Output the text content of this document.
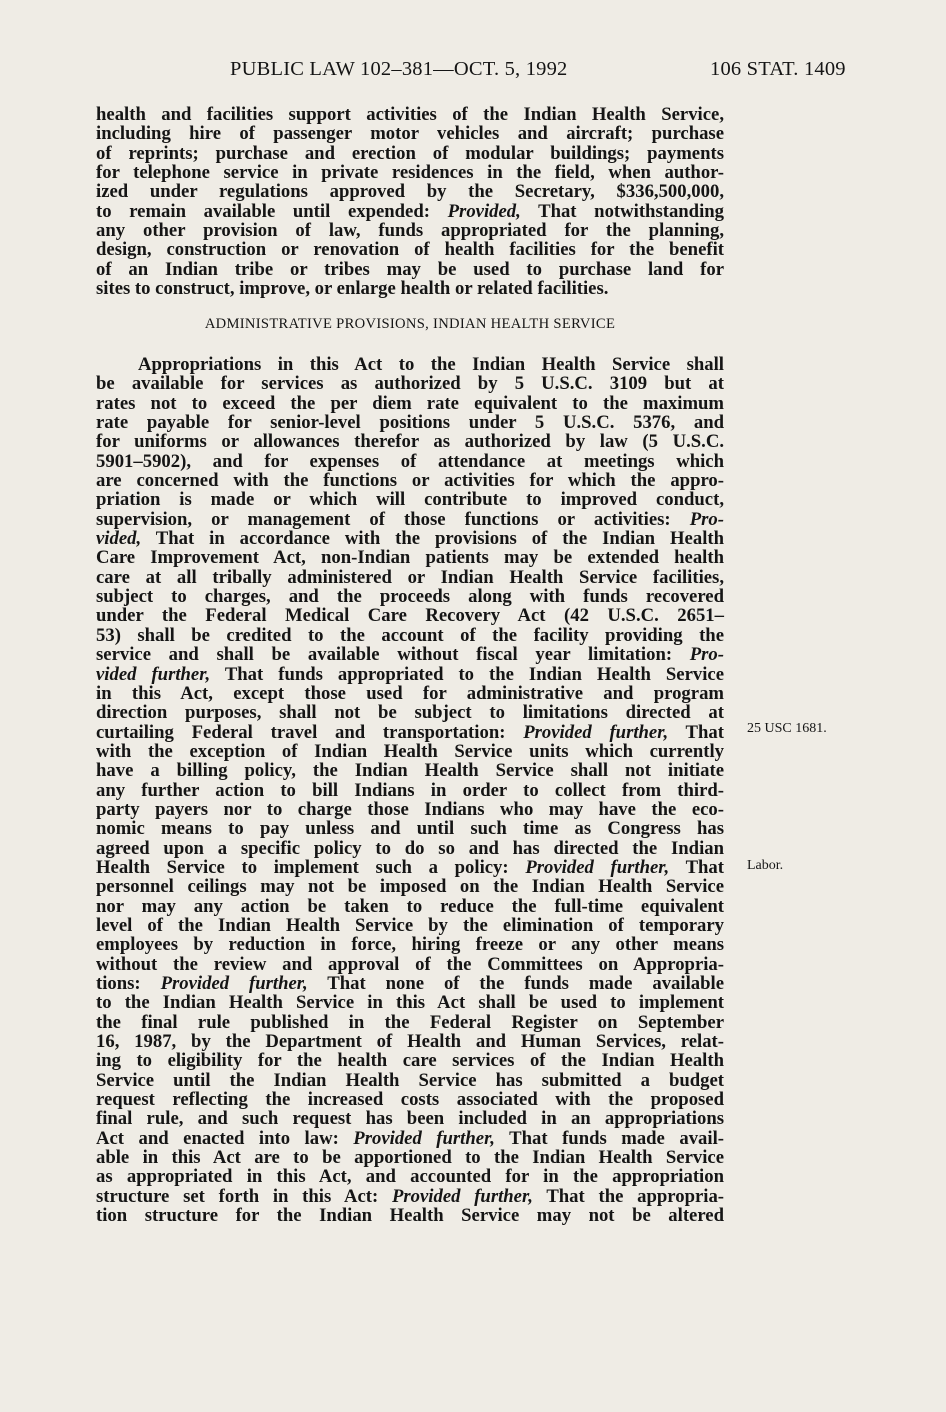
PUBLIC LAW 102–381—OCT. 5, 1992	106 STAT. 1409
health and facilities support activities of the Indian Health Service,
including hire of passenger motor vehicles and aircraft; purchase
of reprints; purchase and erection of modular buildings; payments
for telephone service in private residences in the field, when author-
ized under regulations approved by the Secretary, $336,500,000,
to remain available until expended: Provided, That notwithstanding
any other provision of law, funds appropriated for the planning,
design, construction or renovation of health facilities for the benefit
of an Indian tribe or tribes may be used to purchase land for
sites to construct, improve, or enlarge health or related facilities.
ADMINISTRATIVE PROVISIONS, INDIAN HEALTH SERVICE
Appropriations in this Act to the Indian Health Service shall
be available for services as authorized by 5 U.S.C. 3109 but at
rates not to exceed the per diem rate equivalent to the maximum
rate payable for senior-level positions under 5 U.S.C. 5376, and
for uniforms or allowances therefor as authorized by law (5 U.S.C.
5901–5902), and for expenses of attendance at meetings which
are concerned with the functions or activities for which the appro-
priation is made or which will contribute to improved conduct,
supervision, or management of those functions or activities: Pro-
vided, That in accordance with the provisions of the Indian Health
Care Improvement Act, non-Indian patients may be extended health
care at all tribally administered or Indian Health Service facilities,
subject to charges, and the proceeds along with funds recovered
under the Federal Medical Care Recovery Act (42 U.S.C. 2651–
53) shall be credited to the account of the facility providing the
service and shall be available without fiscal year limitation: Pro-
vided further, That funds appropriated to the Indian Health Service
in this Act, except those used for administrative and program
direction purposes, shall not be subject to limitations directed at
curtailing Federal travel and transportation: Provided further, That
with the exception of Indian Health Service units which currently
have a billing policy, the Indian Health Service shall not initiate
any further action to bill Indians in order to collect from third-
party payers nor to charge those Indians who may have the eco-
nomic means to pay unless and until such time as Congress has
agreed upon a specific policy to do so and has directed the Indian
Health Service to implement such a policy: Provided further, That
personnel ceilings may not be imposed on the Indian Health Service
nor may any action be taken to reduce the full-time equivalent
level of the Indian Health Service by the elimination of temporary
employees by reduction in force, hiring freeze or any other means
without the review and approval of the Committees on Appropria-
tions: Provided further, That none of the funds made available
to the Indian Health Service in this Act shall be used to implement
the final rule published in the Federal Register on September
16, 1987, by the Department of Health and Human Services, relat-
ing to eligibility for the health care services of the Indian Health
Service until the Indian Health Service has submitted a budget
request reflecting the increased costs associated with the proposed
final rule, and such request has been included in an appropriations
Act and enacted into law: Provided further, That funds made avail-
able in this Act are to be apportioned to the Indian Health Service
as appropriated in this Act, and accounted for in the appropriation
structure set forth in this Act: Provided further, That the appropria-
tion structure for the Indian Health Service may not be altered
25 USC 1681.
Labor.
